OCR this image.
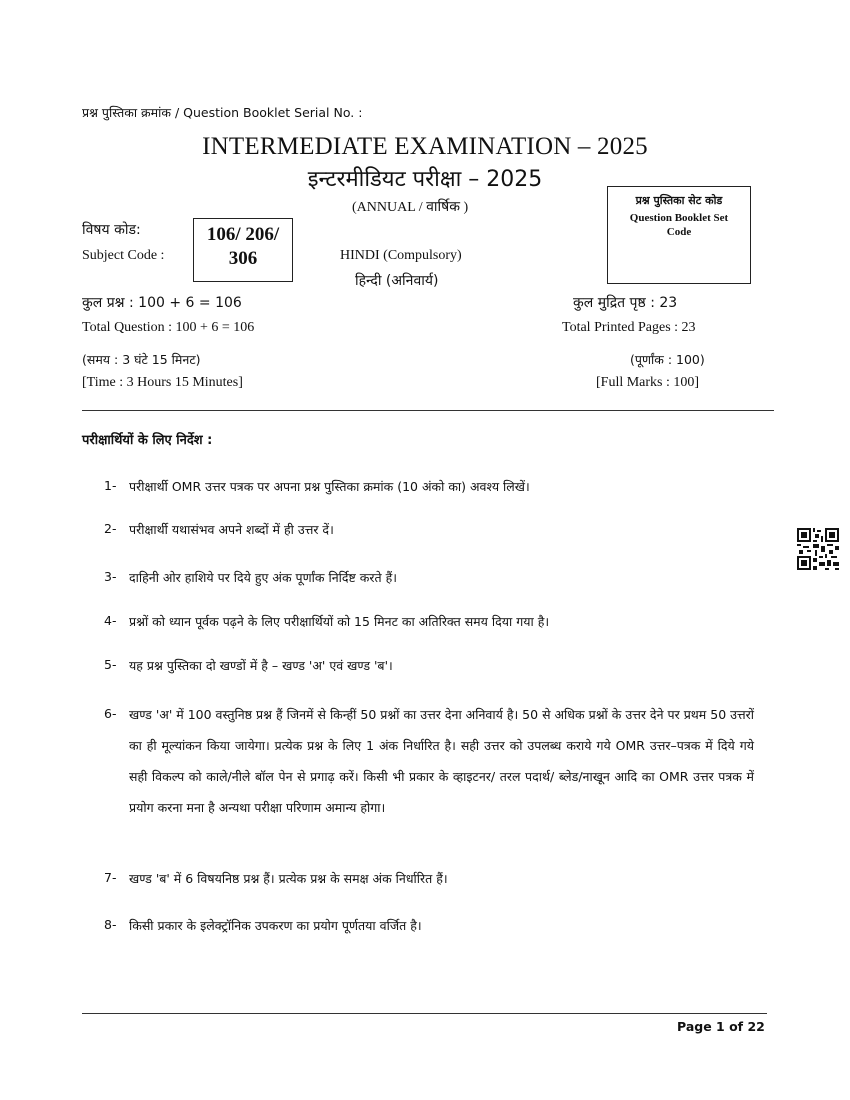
प्रश्न पुस्तिका क्रमांक / Question Booklet Serial No. :
INTERMEDIATE EXAMINATION – 2025
इन्टरमीडियट परीक्षा – 2025
(ANNUAL / वार्षिक )	प्रश्न पुस्तिका सेट कोड
Question Booklet Set Code
विषय कोड:
Subject Code :
106/ 206/
306	HINDI (Compulsory)
हिन्दी (अनिवार्य)
कुल प्रश्न : 100 + 6 = 106
Total Question : 100 + 6 = 106
कुल मुद्रित पृष्ठ : 23
Total Printed Pages : 23
(समय : 3 घंटे 15 मिनट)
[Time : 3 Hours 15 Minutes]
(पूर्णांक : 100)
[Full Marks : 100]
परीक्षार्थियों के लिए निर्देश :
1- परीक्षार्थी OMR उत्तर पत्रक पर अपना प्रश्न पुस्तिका क्रमांक (10 अंको का) अवश्य लिखें।
2- परीक्षार्थी यथासंभव अपने शब्दों में ही उत्तर दें।
3- दाहिनी ओर हाशिये पर दिये हुए अंक पूर्णांक निर्दिष्ट करते हैं।
4- प्रश्नों को ध्यान पूर्वक पढ़ने के लिए परीक्षार्थियों को 15 मिनट का अतिरिक्त समय दिया गया है।
5- यह प्रश्न पुस्तिका दो खण्डों में है – खण्ड 'अ' एवं खण्ड 'ब'।
6- खण्ड 'अ' में 100 वस्तुनिष्ठ प्रश्न हैं जिनमें से किन्हीं 50 प्रश्नों का उत्तर देना अनिवार्य है। 50 से अधिक प्रश्नों के उत्तर देने पर प्रथम 50 उत्तरों का ही मूल्यांकन किया जायेगा। प्रत्येक प्रश्न के लिए 1 अंक निर्धारित है। सही उत्तर को उपलब्ध कराये गये OMR उत्तर–पत्रक में दिये गये सही विकल्प को काले/नीले बॉल पेन से प्रगाढ़ करें। किसी भी प्रकार के व्हाइटनर/ तरल पदार्थ/ ब्लेड/नाखून आदि का OMR उत्तर पत्रक में प्रयोग करना मना है अन्यथा परीक्षा परिणाम अमान्य होगा।
7- खण्ड 'ब' में 6 विषयनिष्ठ प्रश्न हैं। प्रत्येक प्रश्न के समक्ष अंक निर्धारित हैं।
8- किसी प्रकार के इलेक्ट्रॉनिक उपकरण का प्रयोग पूर्णतया वर्जित है।
Page 1 of 22
